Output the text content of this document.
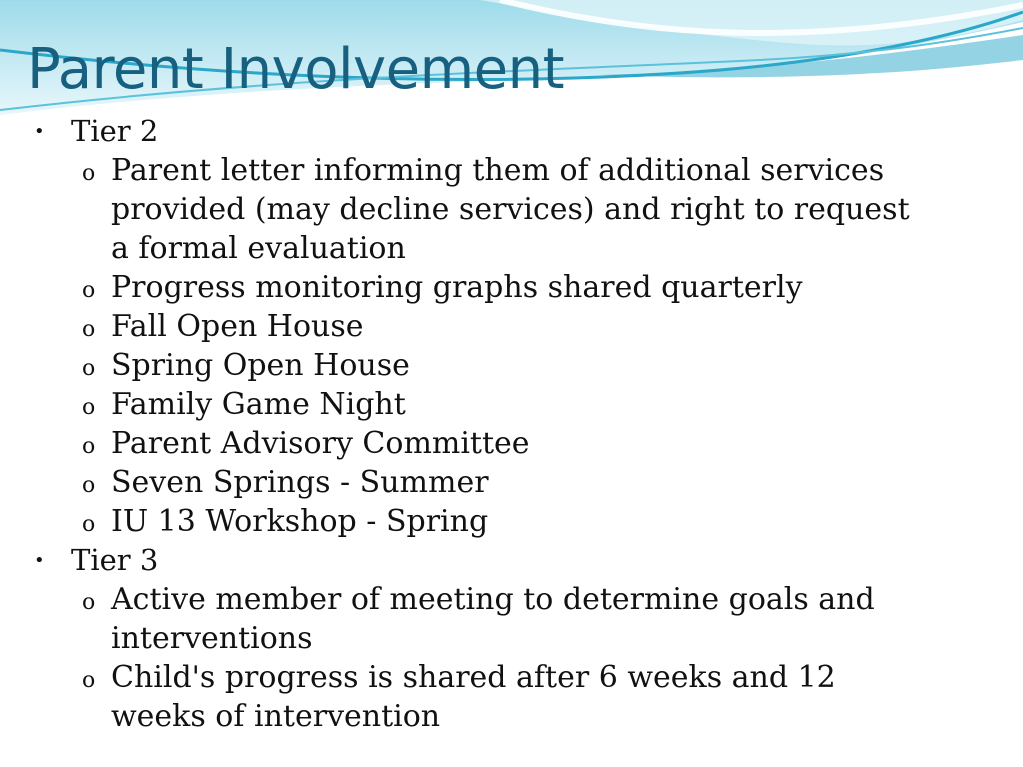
Parent Involvement
• Tier 2
o Parent letter informing them of additional services provided (may decline services) and right to request a formal evaluation
o Progress monitoring graphs shared quarterly
o Fall Open House
o Spring Open House
o Family Game Night
o Parent Advisory Committee
o Seven Springs - Summer
o IU 13 Workshop - Spring
• Tier 3
o Active member of meeting to determine goals and interventions
o Child's progress is shared after 6 weeks and 12 weeks of intervention
